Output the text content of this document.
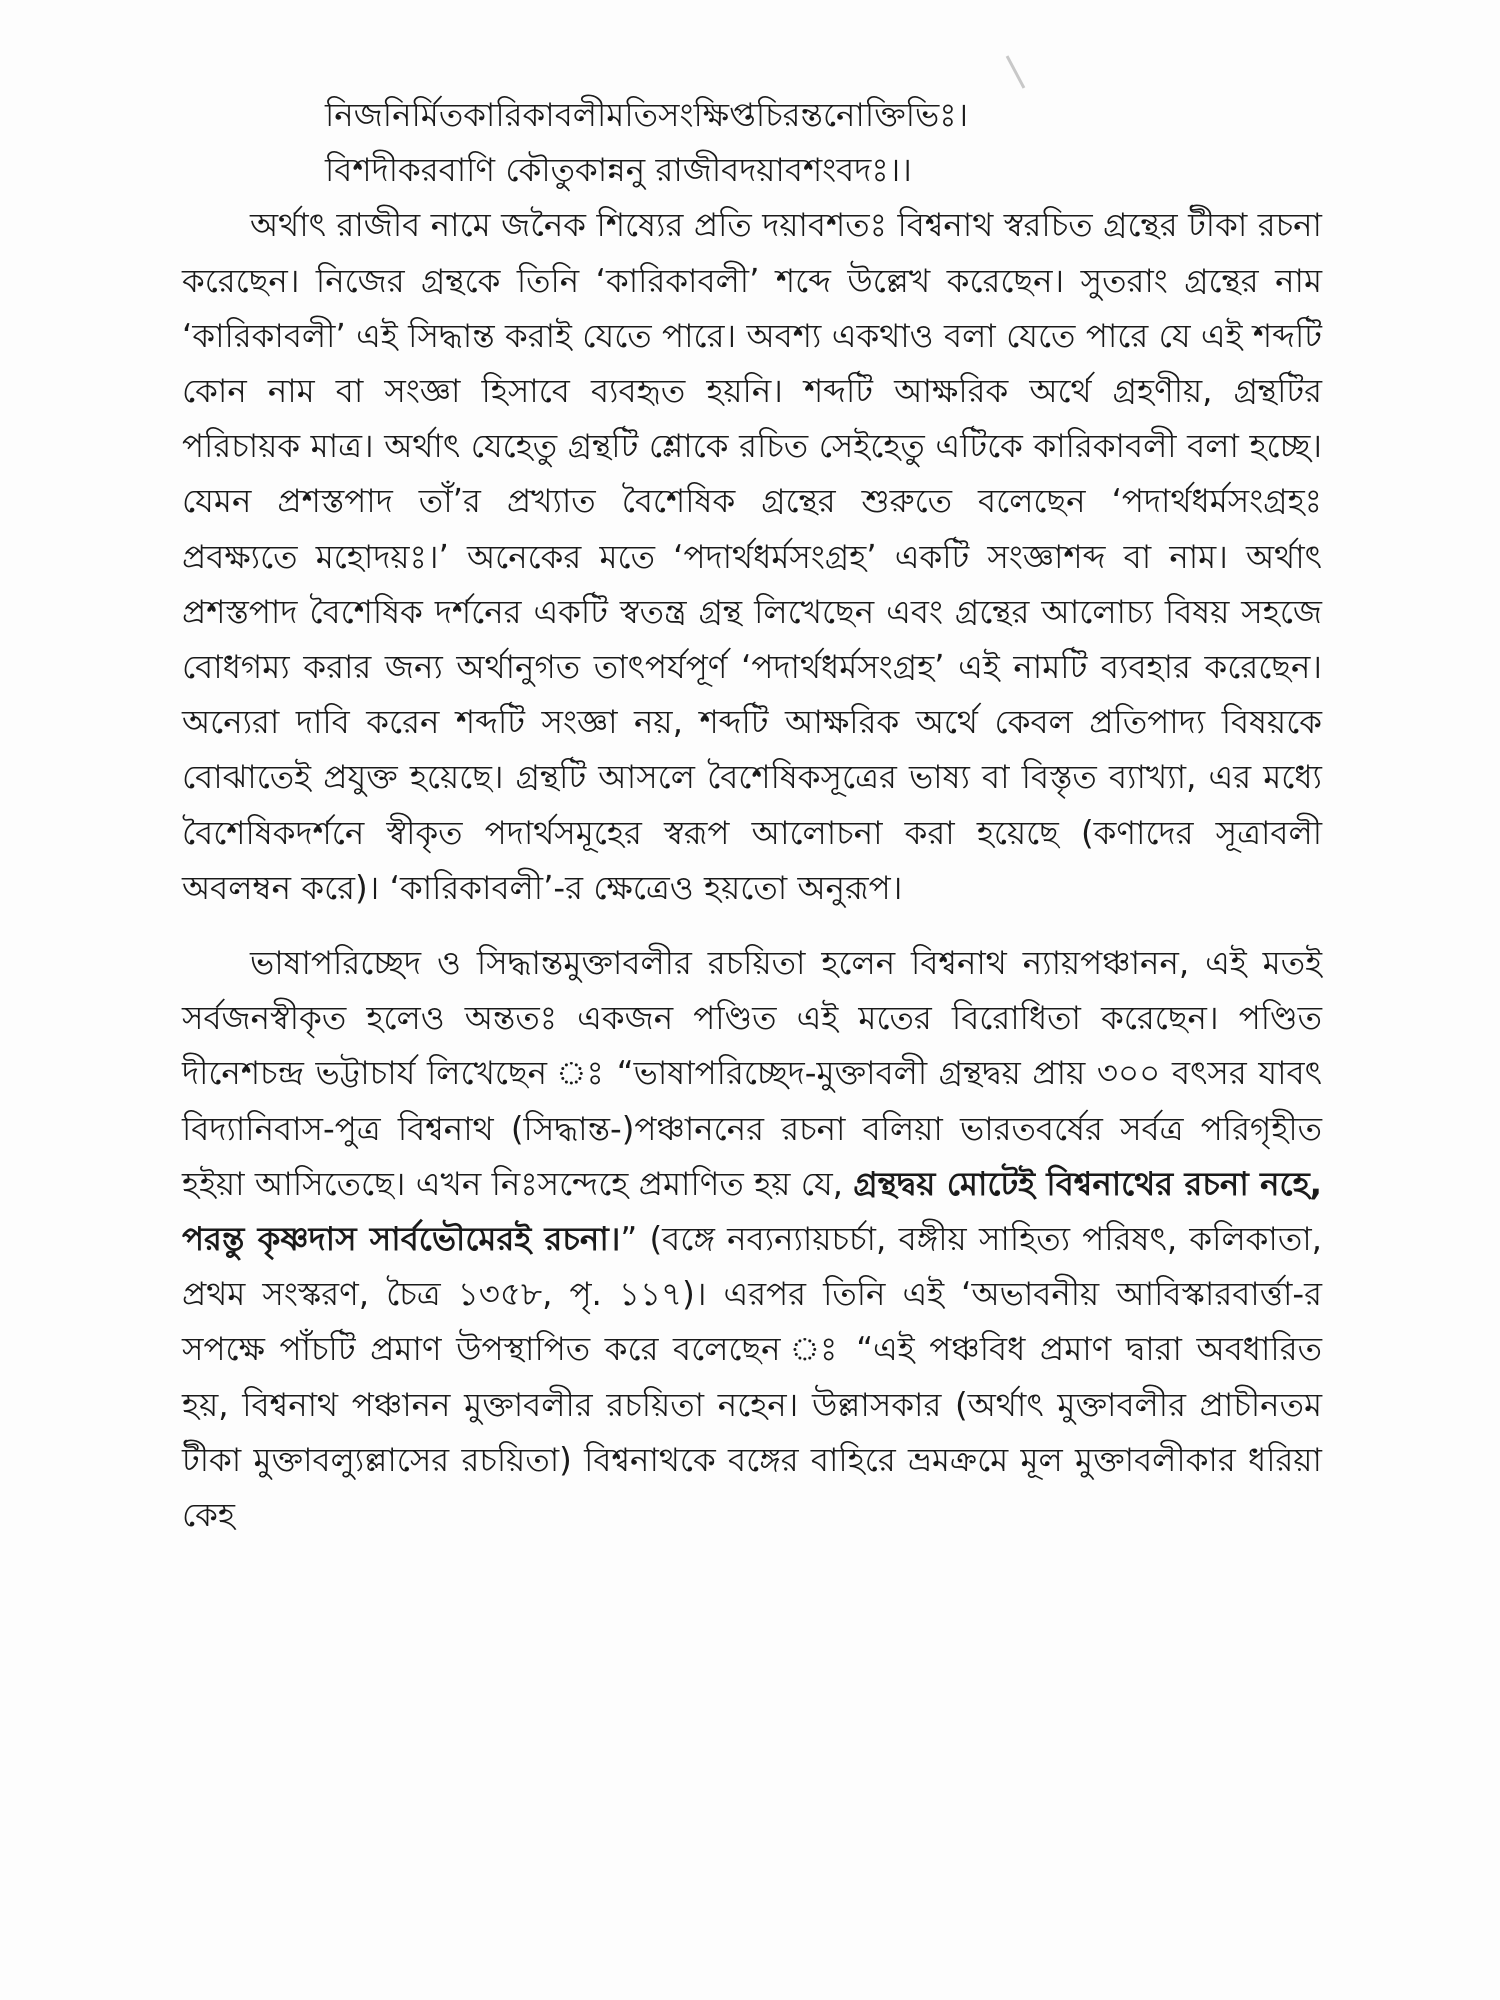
নিজনির্মিতকারিকাবলীমতিসংক্ষিপ্তচিরন্তনোক্তিভিঃ।

বিশদীকরবাণি কৌতুকান্ননু রাজীবদয়াবশংবদঃ।।

অর্থাৎ রাজীব নামে জনৈক শিষ্যের প্রতি দয়াবশতঃ বিশ্বনাথ স্বরচিত গ্রন্থের টীকা রচনা করেছেন। নিজের গ্রন্থকে তিনি ‘কারিকাবলী’ শব্দে উল্লেখ করেছেন। সুতরাং গ্রন্থের নাম ‘কারিকাবলী’ এই সিদ্ধান্ত করাই যেতে পারে। অবশ্য একথাও বলা যেতে পারে যে এই শব্দটি কোন নাম বা সংজ্ঞা হিসাবে ব্যবহৃত হয়নি। শব্দটি আক্ষরিক অর্থে গ্রহণীয়, গ্রন্থটির পরিচায়ক মাত্র। অর্থাৎ যেহেতু গ্রন্থটি শ্লোকে রচিত সেইহেতু এটিকে কারিকাবলী বলা হচ্ছে। যেমন প্রশস্তপাদ তাঁ’র প্রখ্যাত বৈশেষিক গ্রন্থের শুরুতে বলেছেন ‘পদার্থধর্মসংগ্রহঃ প্রবক্ষ্যতে মহোদয়ঃ।’ অনেকের মতে ‘পদার্থধর্মসংগ্রহ’ একটি সংজ্ঞাশব্দ বা নাম। অর্থাৎ প্রশস্তপাদ বৈশেষিক দর্শনের একটি স্বতন্ত্র গ্রন্থ লিখেছেন এবং গ্রন্থের আলোচ্য বিষয় সহজে বোধগম্য করার জন্য অর্থানুগত তাৎপর্যপূর্ণ ‘পদার্থধর্মসংগ্রহ’ এই নামটি ব্যবহার করেছেন। অন্যেরা দাবি করেন শব্দটি সংজ্ঞা নয়, শব্দটি আক্ষরিক অর্থে কেবল প্রতিপাদ্য বিষয়কে বোঝাতেই প্রযুক্ত হয়েছে। গ্রন্থটি আসলে বৈশেষিকসূত্রের ভাষ্য বা বিস্তৃত ব্যাখ্যা, এর মধ্যে বৈশেষিকদর্শনে স্বীকৃত পদার্থসমূহের স্বরূপ আলোচনা করা হয়েছে (কণাদের সূত্রাবলী অবলম্বন করে)। ‘কারিকাবলী’-র ক্ষেত্রেও হয়তো অনুরূপ।

ভাষাপরিচ্ছেদ ও সিদ্ধান্তমুক্তাবলীর রচয়িতা হলেন বিশ্বনাথ ন্যায়পঞ্চানন, এই মতই সর্বজনস্বীকৃত হলেও অন্ততঃ একজন পণ্ডিত এই মতের বিরোধিতা করেছেন। পণ্ডিত দীনেশচন্দ্র ভট্টাচার্য লিখেছেন ঃ “ভাষাপরিচ্ছেদ-মুক্তাবলী গ্রন্থদ্বয় প্রায় ৩০০ বৎসর যাবৎ বিদ্যানিবাস-পুত্র বিশ্বনাথ (সিদ্ধান্ত-)পঞ্চাননের রচনা বলিয়া ভারতবর্ষের সর্বত্র পরিগৃহীত হইয়া আসিতেছে। এখন নিঃসন্দেহে প্রমাণিত হয় যে, গ্রন্থদ্বয় মোটেই বিশ্বনাথের রচনা নহে, পরন্তু কৃষ্ণদাস সার্বভৌমেরই রচনা।” (বঙ্গে নব্যন্যায়চর্চা, বঙ্গীয় সাহিত্য পরিষৎ, কলিকাতা, প্রথম সংস্করণ, চৈত্র ১৩৫৮, পৃ. ১১৭)। এরপর তিনি এই ‘অভাবনীয় আবিস্কারবার্ত্তা-র সপক্ষে পাঁচটি প্রমাণ উপস্থাপিত করে বলেছেন ঃ “এই পঞ্চবিধ প্রমাণ দ্বারা অবধারিত হয়, বিশ্বনাথ পঞ্চানন মুক্তাবলীর রচয়িতা নহেন। উল্লাসকার (অর্থাৎ মুক্তাবলীর প্রাচীনতম টীকা মুক্তাবল্যুল্লাসের রচয়িতা) বিশ্বনাথকে বঙ্গের বাহিরে ভ্রমক্রমে মূল মুক্তাবলীকার ধরিয়া কেহ
